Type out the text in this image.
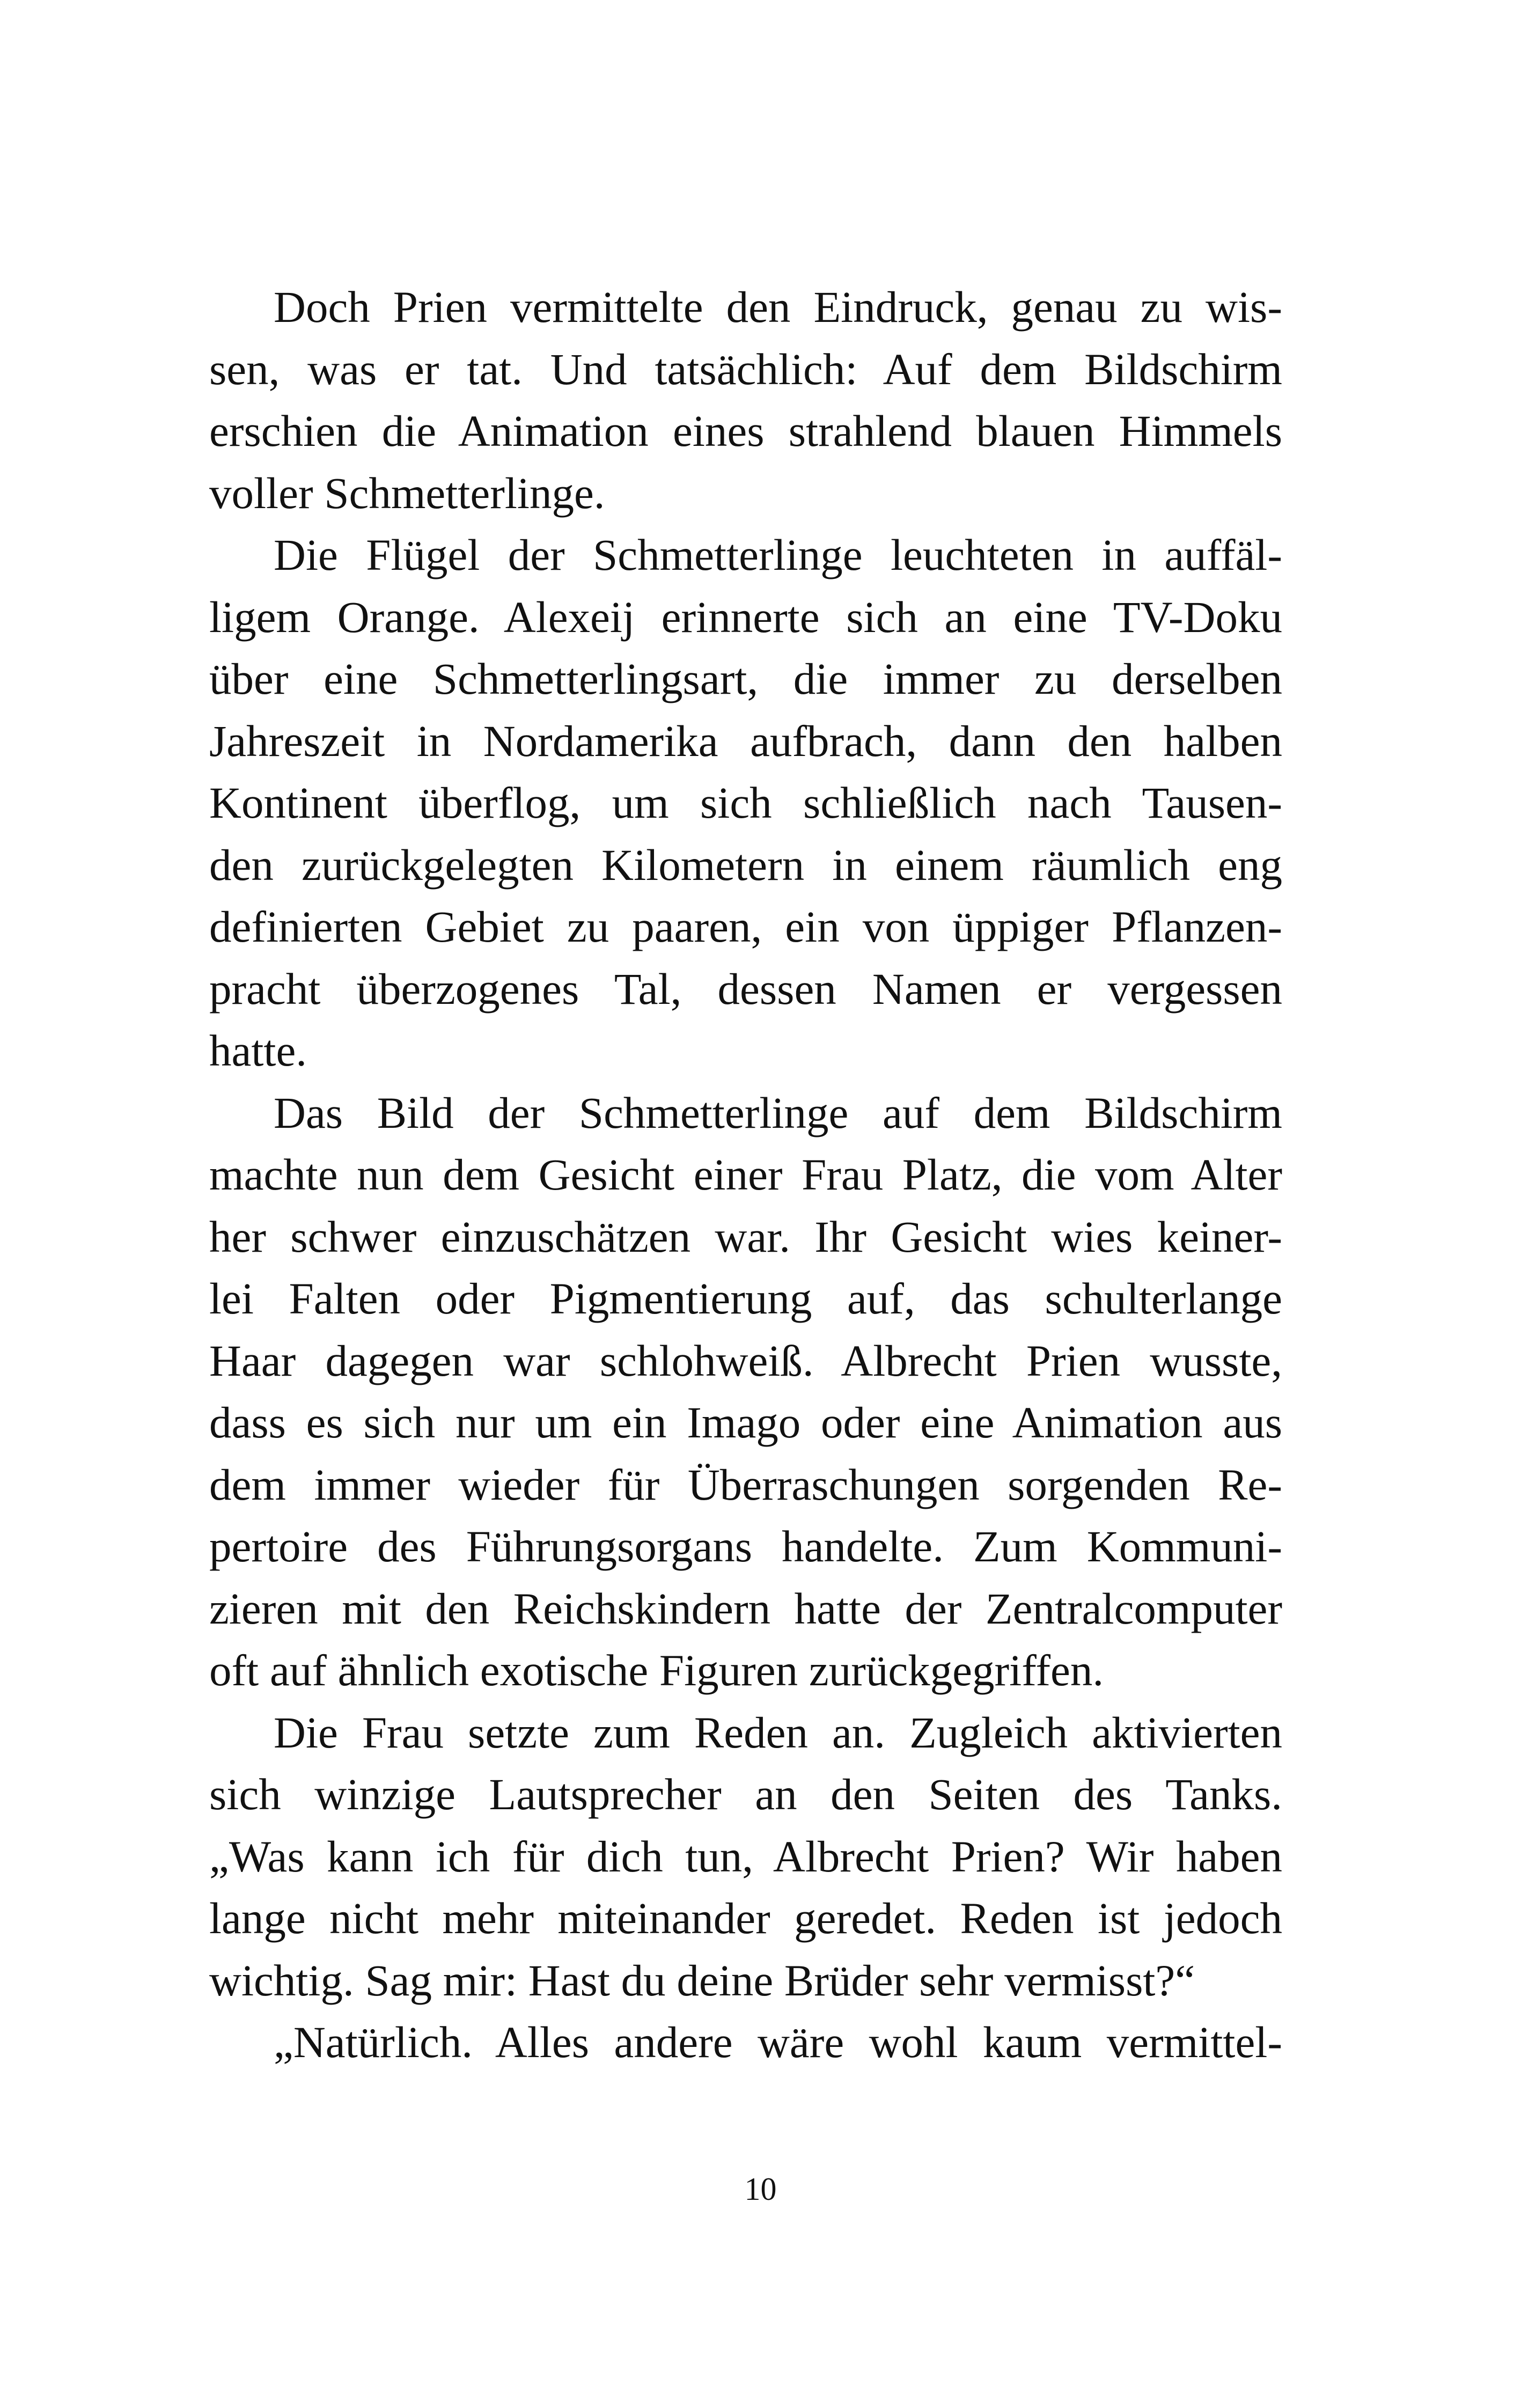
Doch Prien vermittelte den Eindruck, genau zu wis-
sen, was er tat. Und tatsächlich: Auf dem Bildschirm
erschien die Animation eines strahlend blauen Himmels
voller Schmetterlinge.
Die Flügel der Schmetterlinge leuchteten in auffäl-
ligem Orange. Alexeij erinnerte sich an eine TV-Doku
über eine Schmetterlingsart, die immer zu derselben
Jahreszeit in Nordamerika aufbrach, dann den halben
Kontinent überflog, um sich schließlich nach Tausen-
den zurückgelegten Kilometern in einem räumlich eng
definierten Gebiet zu paaren, ein von üppiger Pflanzen-
pracht überzogenes Tal, dessen Namen er vergessen
hatte.
Das Bild der Schmetterlinge auf dem Bildschirm
machte nun dem Gesicht einer Frau Platz, die vom Alter
her schwer einzuschätzen war. Ihr Gesicht wies keiner-
lei Falten oder Pigmentierung auf, das schulterlange
Haar dagegen war schlohweiß. Albrecht Prien wusste,
dass es sich nur um ein Imago oder eine Animation aus
dem immer wieder für Überraschungen sorgenden Re-
pertoire des Führungsorgans handelte. Zum Kommuni-
zieren mit den Reichskindern hatte der Zentralcomputer
oft auf ähnlich exotische Figuren zurückgegriffen.
Die Frau setzte zum Reden an. Zugleich aktivierten
sich winzige Lautsprecher an den Seiten des Tanks.
„Was kann ich für dich tun, Albrecht Prien? Wir haben
lange nicht mehr miteinander geredet. Reden ist jedoch
wichtig. Sag mir: Hast du deine Brüder sehr vermisst?“
„Natürlich. Alles andere wäre wohl kaum vermittel-
10
